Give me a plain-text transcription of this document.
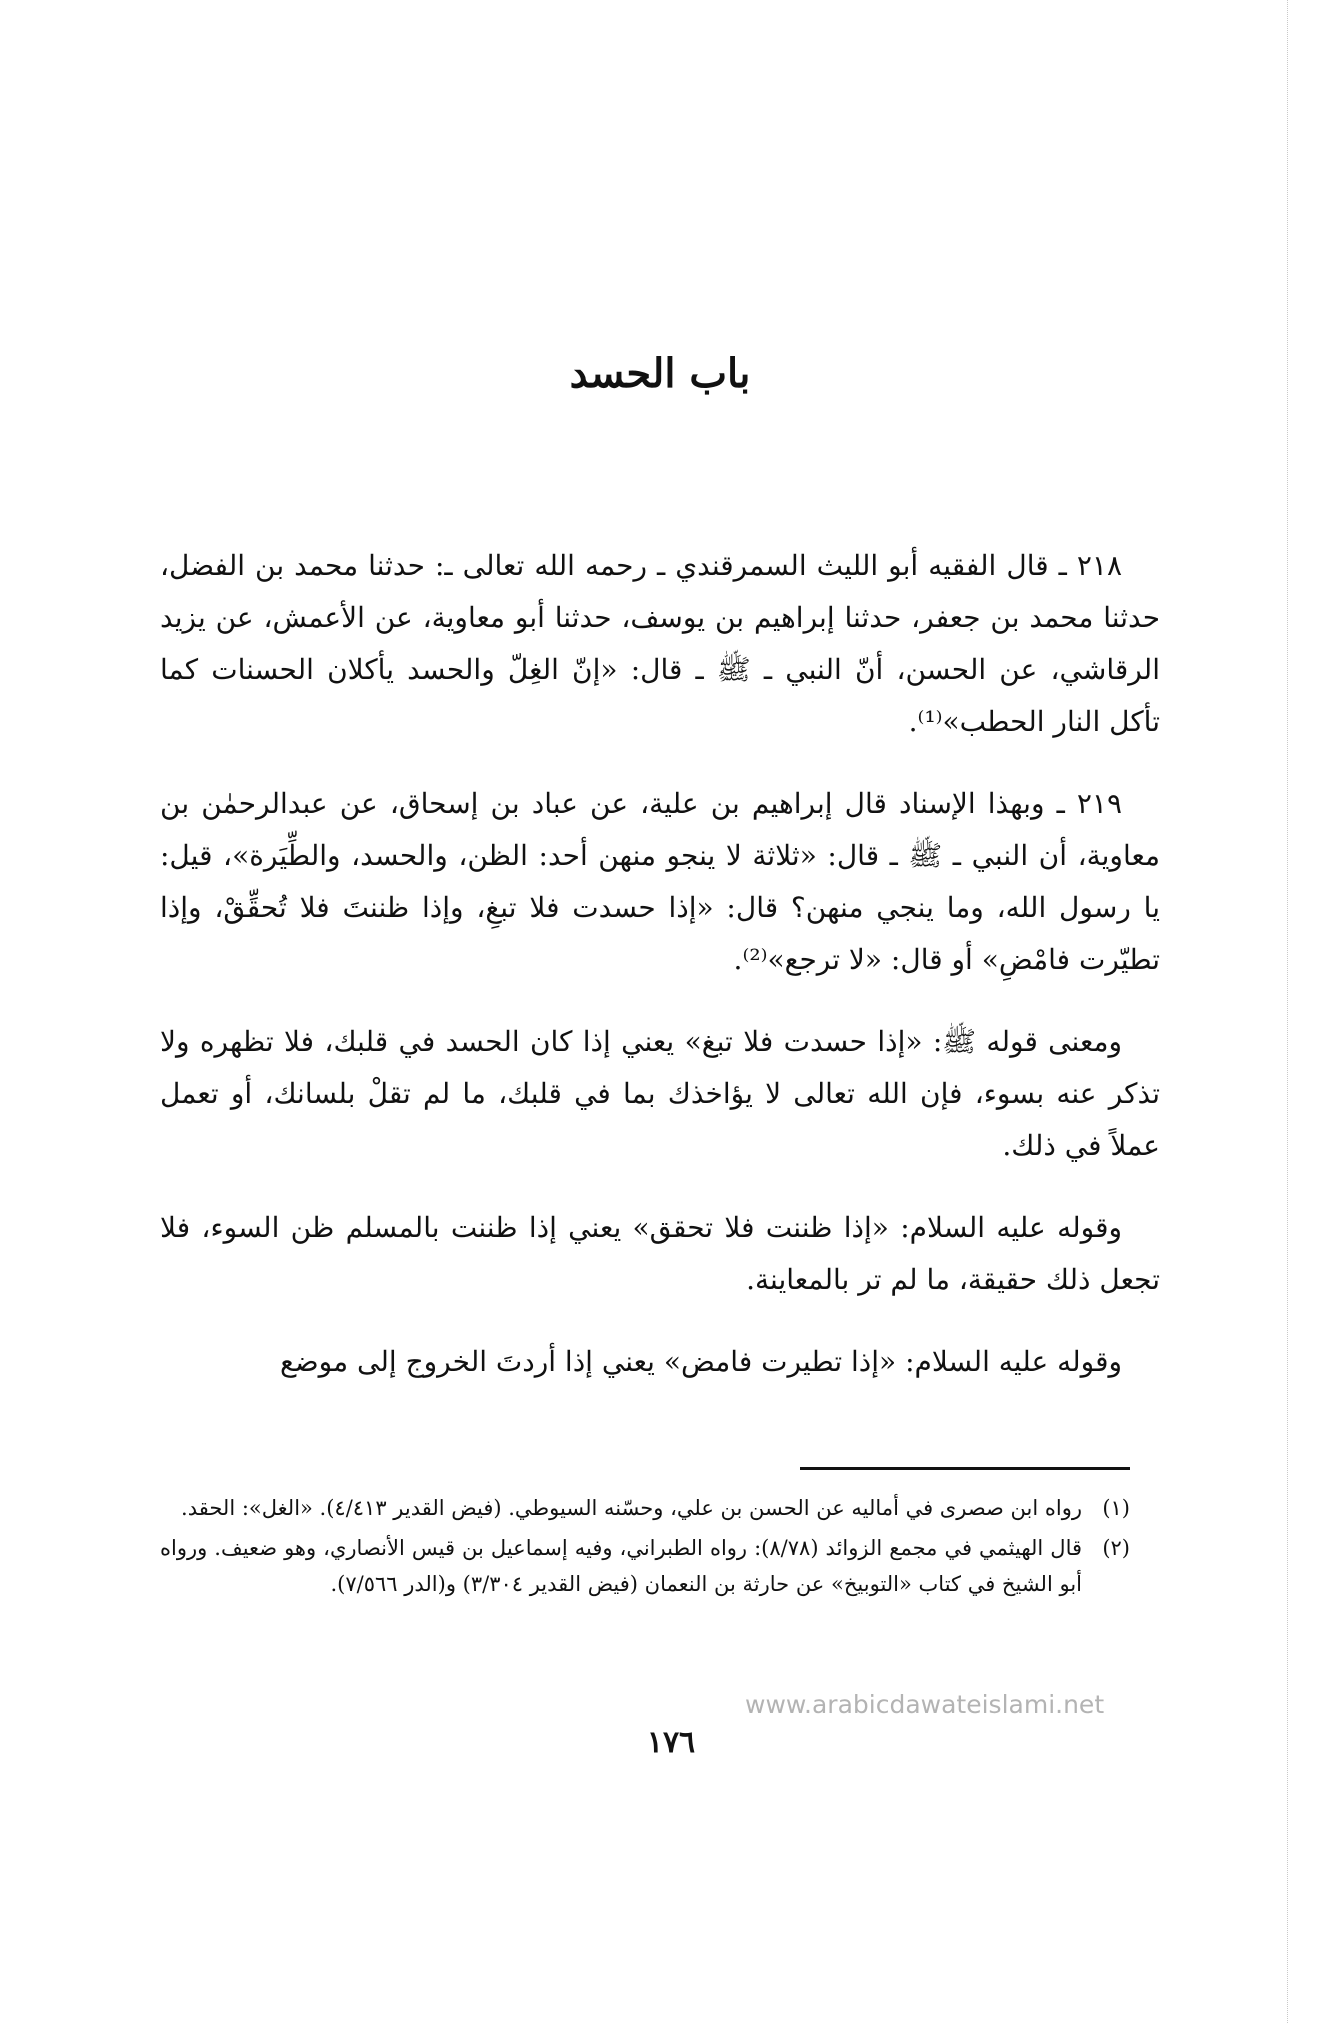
باب الحسد

٢١٨ ـ قال الفقيه أبو الليث السمرقندي ـ رحمه الله تعالى ـ: حدثنا محمد بن الفضل، حدثنا محمد بن جعفر، حدثنا إبراهيم بن يوسف، حدثنا أبو معاوية، عن الأعمش، عن يزيد الرقاشي، عن الحسن، أنّ النبي ـ ﷺ ـ قال: «إنّ الغِلّ والحسد يأكلان الحسنات كما تأكل النار الحطب»⁽¹⁾.

٢١٩ ـ وبهذا الإسناد قال إبراهيم بن علية، عن عباد بن إسحاق، عن عبدالرحمٰن بن معاوية، أن النبي ـ ﷺ ـ قال: «ثلاثة لا ينجو منهن أحد: الظن، والحسد، والطِّيَرة»، قيل: يا رسول الله، وما ينجي منهن؟ قال: «إذا حسدت فلا تبغِ، وإذا ظننتَ فلا تُحقِّقْ، وإذا تطيّرت فامْضِ» أو قال: «لا ترجع»⁽²⁾.

ومعنى قوله ﷺ: «إذا حسدت فلا تبغ» يعني إذا كان الحسد في قلبك، فلا تظهره ولا تذكر عنه بسوء، فإن الله تعالى لا يؤاخذك بما في قلبك، ما لم تقلْ بلسانك، أو تعمل عملاً في ذلك.

وقوله عليه السلام: «إذا ظننت فلا تحقق» يعني إذا ظننت بالمسلم ظن السوء، فلا تجعل ذلك حقيقة، ما لم تر بالمعاينة.

وقوله عليه السلام: «إذا تطيرت فامض» يعني إذا أردتَ الخروج إلى موضع

(١)
رواه ابن صصرى في أماليه عن الحسن بن علي، وحسّنه السيوطي. (فيض القدير ٤/٤١٣). «الغل»: الحقد.
(٢)
قال الهيثمي في مجمع الزوائد (٨/٧٨): رواه الطبراني، وفيه إسماعيل بن قيس الأنصاري، وهو ضعيف. ورواه أبو الشيخ في كتاب «التوبيخ» عن حارثة بن النعمان (فيض القدير ٣/٣٠٤) و(الدر ٧/٥٦٦).
www.arabicdawateislami.net
١٧٦
